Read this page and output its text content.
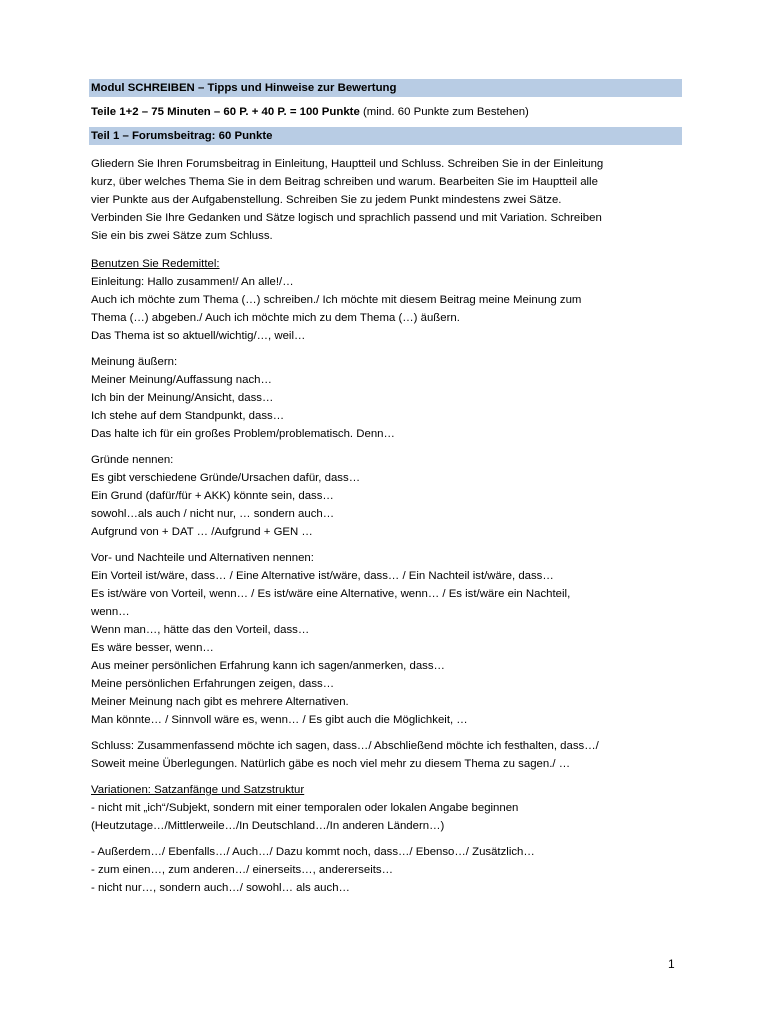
Modul SCHREIBEN – Tipps und Hinweise zur Bewertung
Teile 1+2 – 75 Minuten – 60 P. + 40 P. = 100 Punkte (mind. 60 Punkte zum Bestehen)
Teil 1 – Forumsbeitrag: 60 Punkte
Gliedern Sie Ihren Forumsbeitrag in Einleitung, Hauptteil und Schluss. Schreiben Sie in der Einleitung
kurz, über welches Thema Sie in dem Beitrag schreiben und warum. Bearbeiten Sie im Hauptteil alle
vier Punkte aus der Aufgabenstellung. Schreiben Sie zu jedem Punkt mindestens zwei Sätze.
Verbinden Sie Ihre Gedanken und Sätze logisch und sprachlich passend und mit Variation. Schreiben
Sie ein bis zwei Sätze zum Schluss.
Benutzen Sie Redemittel:
Einleitung: Hallo zusammen!/ An alle!/…
Auch ich möchte zum Thema (…) schreiben./ Ich möchte mit diesem Beitrag meine Meinung zum
Thema (…) abgeben./ Auch ich möchte mich zu dem Thema (…) äußern.
Das Thema ist so aktuell/wichtig/…, weil…
Meinung äußern:
Meiner Meinung/Auffassung nach…
Ich bin der Meinung/Ansicht, dass…
Ich stehe auf dem Standpunkt, dass…
Das halte ich für ein großes Problem/problematisch. Denn…
Gründe nennen:
Es gibt verschiedene Gründe/Ursachen dafür, dass…
Ein Grund (dafür/für + AKK) könnte sein, dass…
sowohl…als auch / nicht nur, … sondern auch…
Aufgrund von + DAT … /Aufgrund + GEN …
Vor- und Nachteile und Alternativen nennen:
Ein Vorteil ist/wäre, dass… / Eine Alternative ist/wäre, dass… / Ein Nachteil ist/wäre, dass…
Es ist/wäre von Vorteil, wenn… / Es ist/wäre eine Alternative, wenn… / Es ist/wäre ein Nachteil,
wenn…
Wenn man…, hätte das den Vorteil, dass…
Es wäre besser, wenn…
Aus meiner persönlichen Erfahrung kann ich sagen/anmerken, dass…
Meine persönlichen Erfahrungen zeigen, dass…
Meiner Meinung nach gibt es mehrere Alternativen.
Man könnte… / Sinnvoll wäre es, wenn… / Es gibt auch die Möglichkeit, …
Schluss: Zusammenfassend möchte ich sagen, dass…/ Abschließend möchte ich festhalten, dass…/
Soweit meine Überlegungen. Natürlich gäbe es noch viel mehr zu diesem Thema zu sagen./ …
Variationen: Satzanfänge und Satzstruktur
- nicht mit „ich“/Subjekt, sondern mit einer temporalen oder lokalen Angabe beginnen
(Heutzutage…/Mittlerweile…/In Deutschland…/In anderen Ländern…)
- Außerdem…/ Ebenfalls…/ Auch…/ Dazu kommt noch, dass…/ Ebenso…/ Zusätzlich…
- zum einen…, zum anderen…/ einerseits…, andererseits…
- nicht nur…, sondern auch…/ sowohl… als auch…
1
